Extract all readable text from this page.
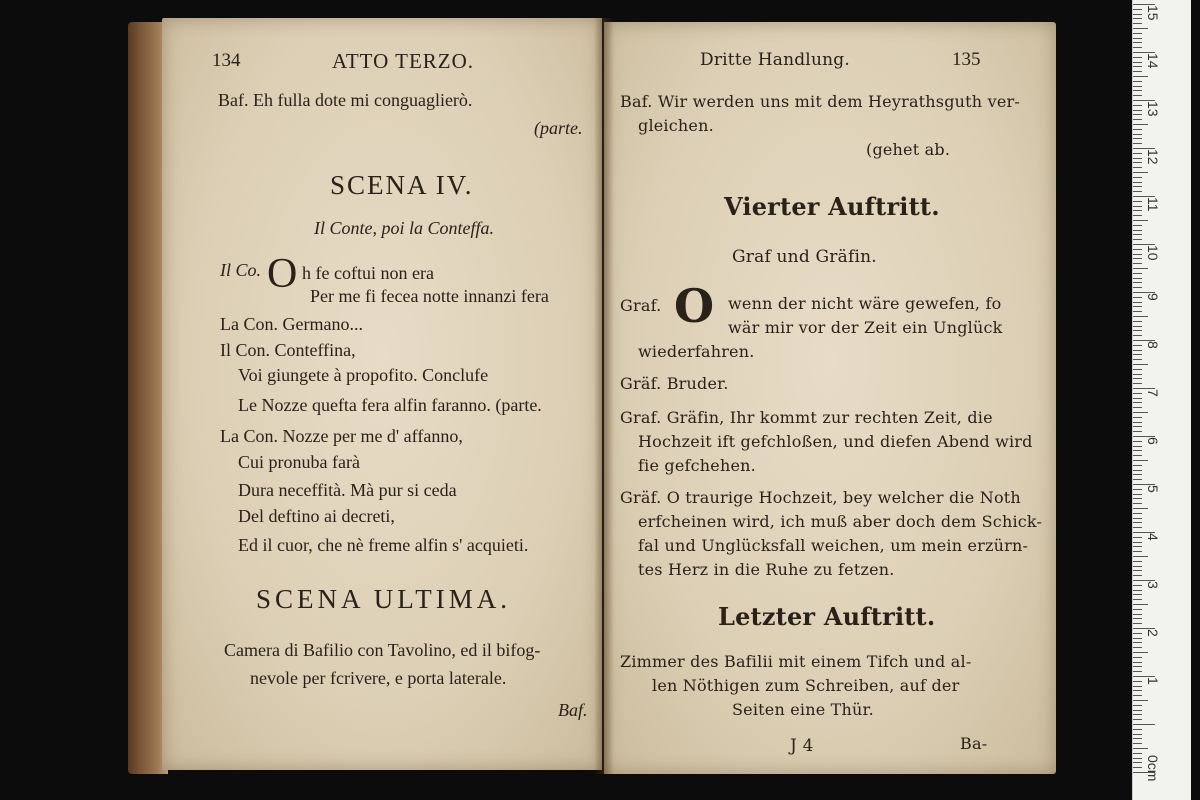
134	ATTO TERZO.
Baf. Eh fulla dote mi conguaglierò.
(parte.
SCENA IV.
Il Conte, poi la Conteffa.
Il Co. O h fe coftui non era
Per me fi fecea notte innanzi fera
La Con. Germano...
Il Con. Conteffina,
Voi giungete à propofito. Conclufe
Le Nozze quefta fera alfin faranno. (parte.
La Con. Nozze per me d' affanno,
Cui pronuba farà
Dura neceffità. Mà pur si ceda
Del deftino ai decreti,
Ed il cuor, che nè freme alfin s' acquieti.
SCENA ULTIMA.
Camera di Bafilio con Tavolino, ed il bifog-
nevole per fcrivere, e porta laterale.
Baf.
Dritte Handlung.	135
Baf. Wir werden uns mit dem Heyrathsguth ver-
gleichen.
(gehet ab.
Vierter Auftritt.
Graf und Gräfin.
Graf. O wenn der nicht wäre gewefen, fo
wär mir vor der Zeit ein Unglück
wiederfahren.
Gräf. Bruder.
Graf. Gräfin, Ihr kommt zur rechten Zeit, die
Hochzeit ift gefchloßen, und diefen Abend wird
fie gefchehen.
Gräf. O traurige Hochzeit, bey welcher die Noth
erfcheinen wird, ich muß aber doch dem Schick-
fal und Unglücksfall weichen, um mein erzürn-
tes Herz in die Ruhe zu fetzen.
Letzter Auftritt.
Zimmer des Bafilii mit einem Tifch und al-
len Nöthigen zum Schreiben, auf der
Seiten eine Thür.
J 4	Ba-
0cm
1
2
3
4
5
6
7
8
9
10
11
12
13
14
15
